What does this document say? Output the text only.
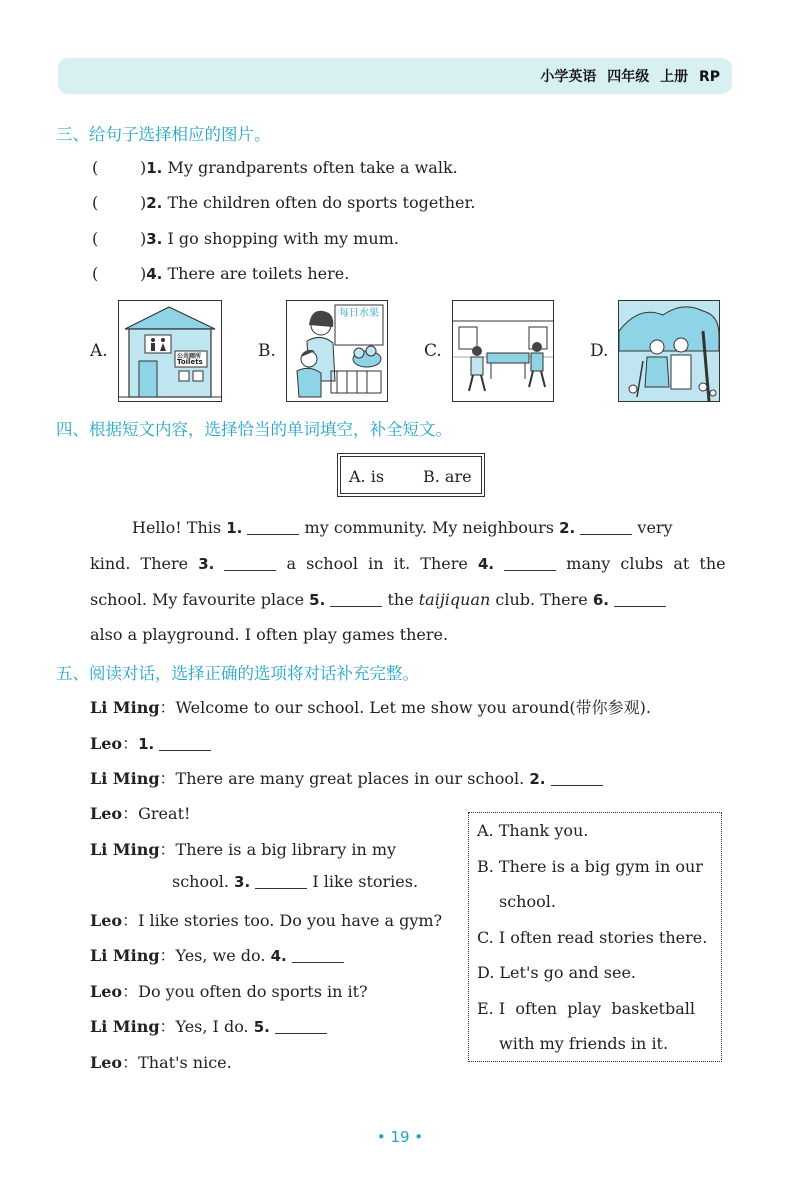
小学英语 四年级 上册 RP
三、给句子选择相应的图片。
(	)1. My grandparents often take a walk.
(	)2. The children often do sports together.
(	)3. I go shopping with my mum.
(	)4. There are toilets here.
A.	公共厕所
Toilets
B.
每日水果
C.	D.
四、根据短文内容，选择恰当的单词填空，补全短文。
A. is B. are
Hello! This 1.	my community. My neighbours 2.	very
kind. There 3.	a school in it. There 4.	many clubs at the
school. My favourite place 5.	the taijiquan club. There 6.
also a playground. I often play games there.
五、阅读对话，选择正确的选项将对话补充完整。
Li Ming：Welcome to our school. Let me show you around(带你参观).
Leo：1.
Li Ming：There are many great places in our school. 2.
Leo：Great!
Li Ming：There is a big library in my
school. 3.	I like stories.
Leo：I like stories too. Do you have a gym?
Li Ming：Yes, we do. 4.
Leo：Do you often do sports in it?
Li Ming：Yes, I do. 5.
Leo：That's nice.
A. Thank you.
B. There is a big gym in our
school.
C. I often read stories there.
D. Let's go and see.
E. I  often  play  basketball
with my friends in it.
• 19 •
